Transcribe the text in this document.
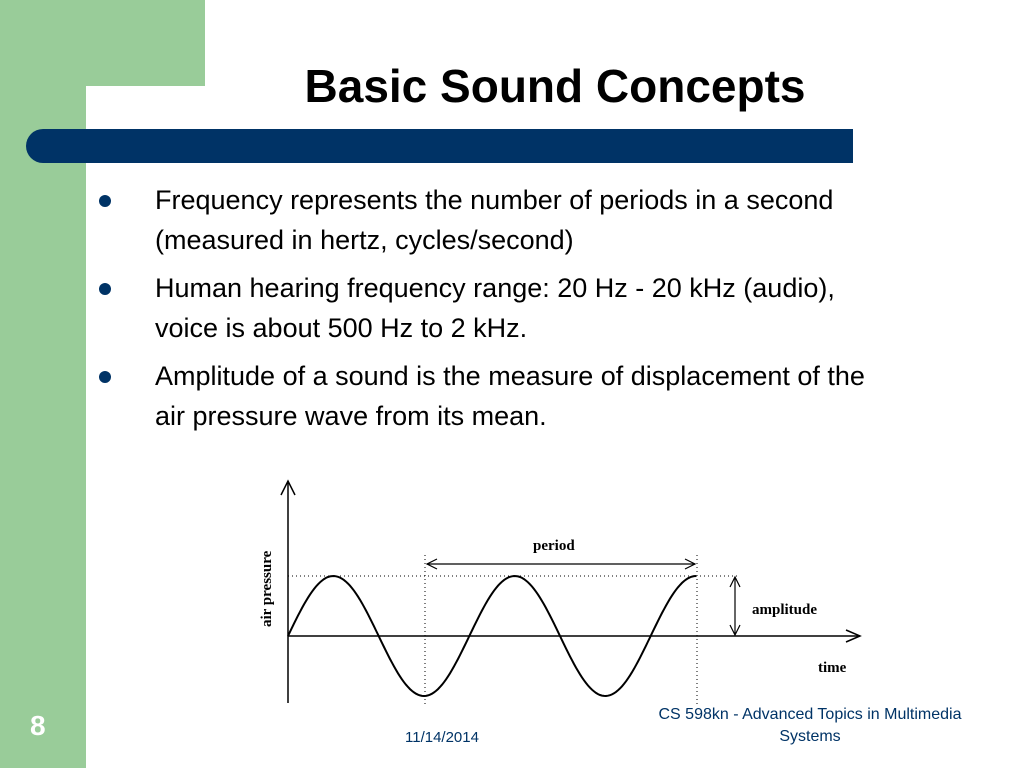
Basic Sound Concepts
Frequency represents the number of periods in a second (measured in hertz, cycles/second)
Human hearing frequency range: 20 Hz - 20 kHz (audio), voice is about 500 Hz to 2 kHz.
Amplitude of a sound is the measure of displacement of the air pressure wave from its mean.
period
amplitude
time
air pressure
8	11/14/2014
CS 598kn - Advanced Topics in Multimedia Systems
